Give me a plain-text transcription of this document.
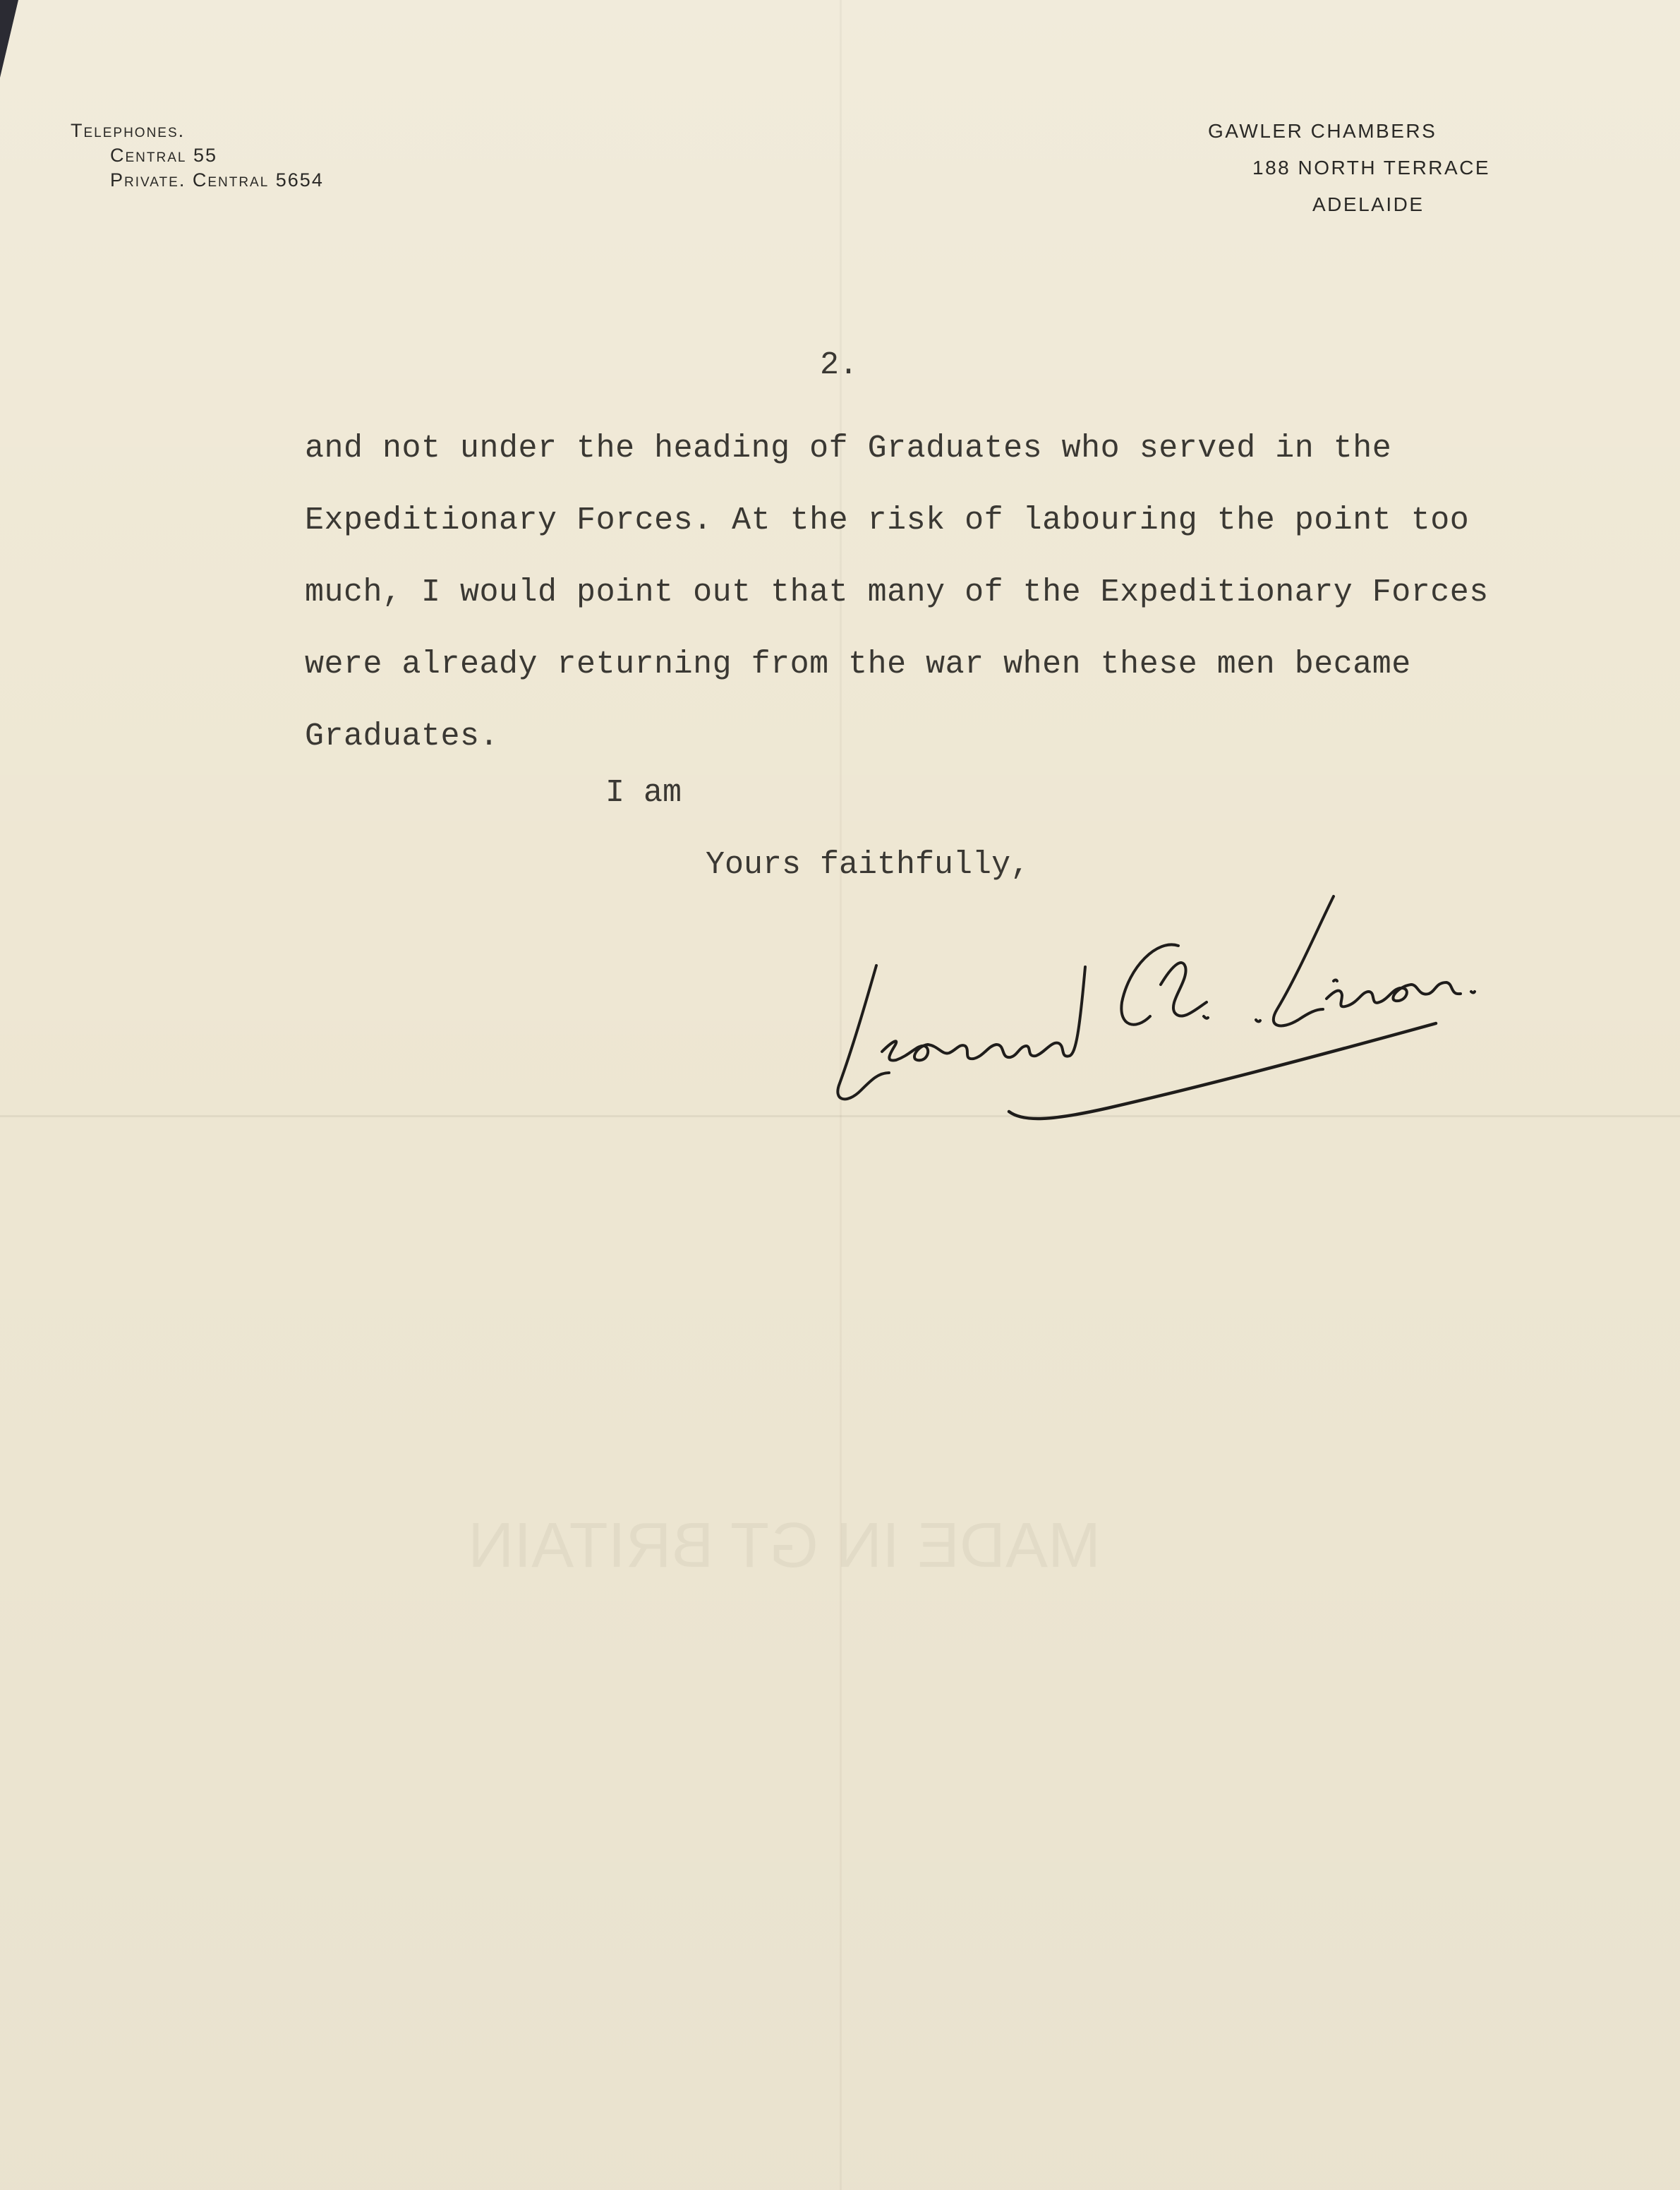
MADE IN GT BRITAIN
Telephones.
Central 55
Private. Central 5654
GAWLER CHAMBERS
188 NORTH TERRACE
ADELAIDE
2.
and not under the heading of Graduates who served in the
Expeditionary Forces. At the risk of labouring the point too
much, I would point out that many of the Expeditionary Forces
were already returning from the war when these men became
Graduates.
I am
Yours faithfully,
